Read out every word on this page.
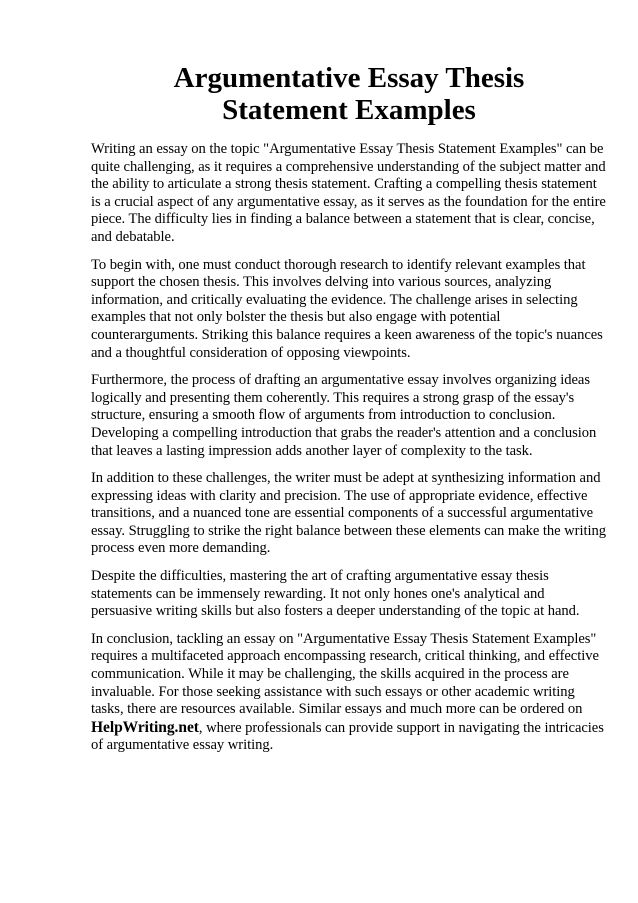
Argumentative Essay Thesis Statement Examples

Writing an essay on the topic "Argumentative Essay Thesis Statement Examples" can be quite challenging, as it requires a comprehensive understanding of the subject matter and the ability to articulate a strong thesis statement. Crafting a compelling thesis statement is a crucial aspect of any argumentative essay, as it serves as the foundation for the entire piece. The difficulty lies in finding a balance between a statement that is clear, concise, and debatable.

To begin with, one must conduct thorough research to identify relevant examples that support the chosen thesis. This involves delving into various sources, analyzing information, and critically evaluating the evidence. The challenge arises in selecting examples that not only bolster the thesis but also engage with potential counterarguments. Striking this balance requires a keen awareness of the topic's nuances and a thoughtful consideration of opposing viewpoints.

Furthermore, the process of drafting an argumentative essay involves organizing ideas logically and presenting them coherently. This requires a strong grasp of the essay's structure, ensuring a smooth flow of arguments from introduction to conclusion. Developing a compelling introduction that grabs the reader's attention and a conclusion that leaves a lasting impression adds another layer of complexity to the task.

In addition to these challenges, the writer must be adept at synthesizing information and expressing ideas with clarity and precision. The use of appropriate evidence, effective transitions, and a nuanced tone are essential components of a successful argumentative essay. Struggling to strike the right balance between these elements can make the writing process even more demanding.

Despite the difficulties, mastering the art of crafting argumentative essay thesis statements can be immensely rewarding. It not only hones one's analytical and persuasive writing skills but also fosters a deeper understanding of the topic at hand.

In conclusion, tackling an essay on "Argumentative Essay Thesis Statement Examples" requires a multifaceted approach encompassing research, critical thinking, and effective communication. While it may be challenging, the skills acquired in the process are invaluable. For those seeking assistance with such essays or other academic writing tasks, there are resources available. Similar essays and much more can be ordered on HelpWriting.net, where professionals can provide support in navigating the intricacies of argumentative essay writing.
